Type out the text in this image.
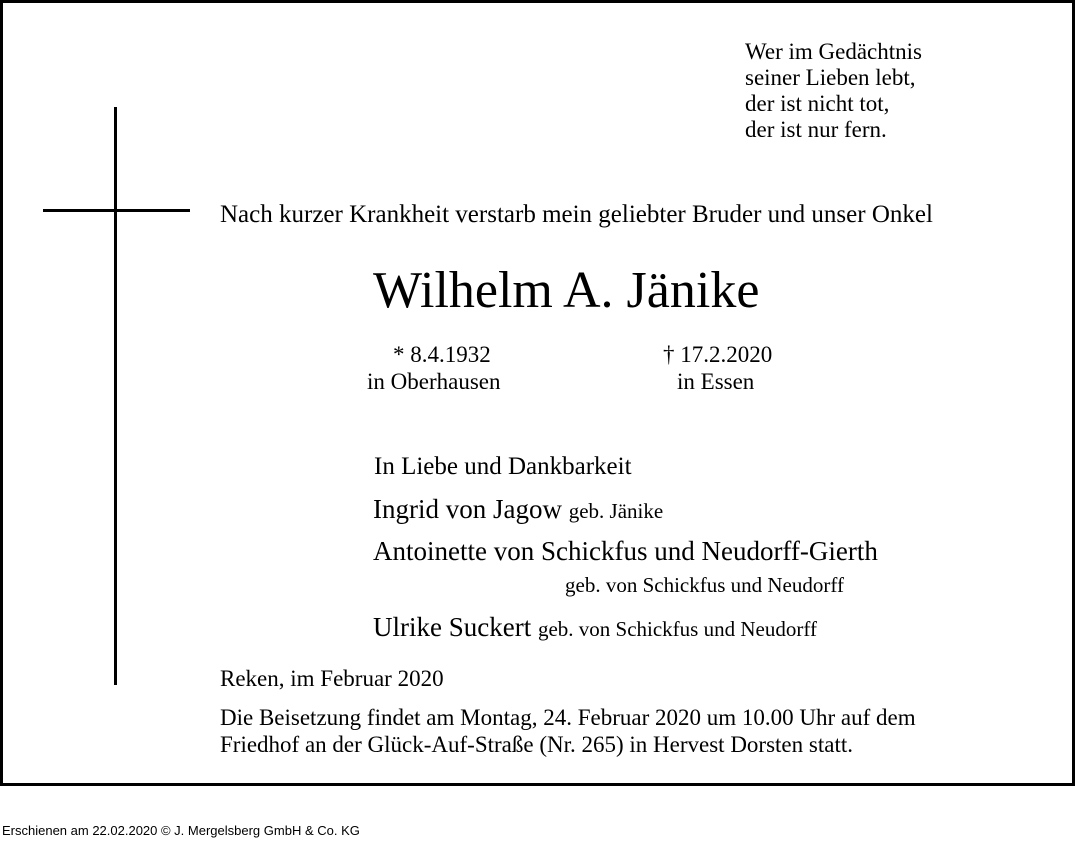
Wer im Gedächtnis
seiner Lieben lebt,
der ist nicht tot,
der ist nur fern.
Nach kurzer Krankheit verstarb mein geliebter Bruder und unser Onkel
Wilhelm A. Jänike
* 8.4.1932
in Oberhausen
† 17.2.2020
in Essen
In Liebe und Dankbarkeit
Ingrid von Jagow geb. Jänike
Antoinette von Schickfus und Neudorff-Gierth
geb. von Schickfus und Neudorff
Ulrike Suckert geb. von Schickfus und Neudorff
Reken, im Februar 2020
Die Beisetzung findet am Montag, 24. Februar 2020 um 10.00 Uhr auf dem
Friedhof an der Glück-Auf-Straße (Nr. 265) in Hervest Dorsten statt.
Erschienen am 22.02.2020 © J. Mergelsberg GmbH & Co. KG
